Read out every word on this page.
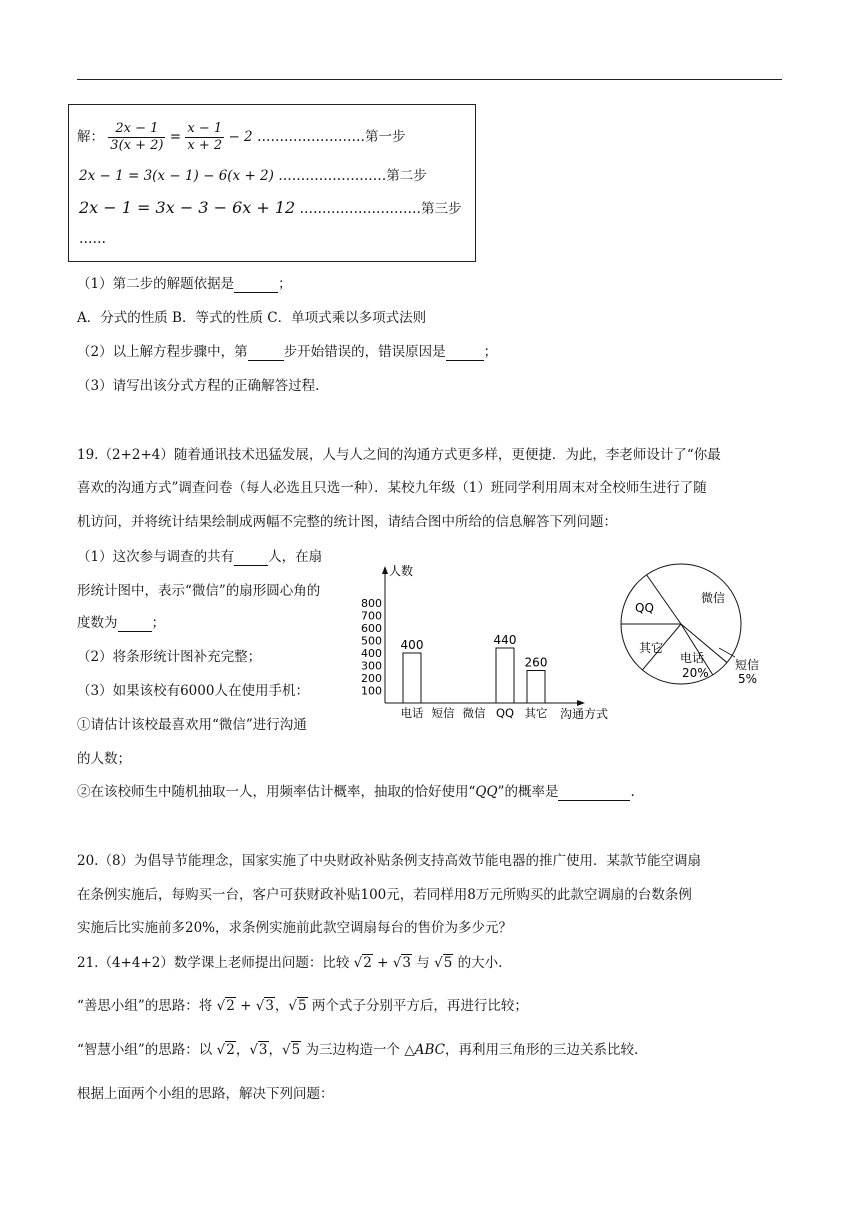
解： $\frac{2x - 1}{3(x + 2)} = \frac{x - 1}{x + 2} - 2$ ……………………第一步
2x − 1 = 3(x − 1) − 6(x + 2) ……………………第二步
2x − 1 = 3x − 3 − 6x + 12 ………………………第三步
……
（1）第二步的解题依据是	；
A．分式的性质 B．等式的性质 C．单项式乘以多项式法则
（2）以上解方程步骤中，第	步开始错误的，错误原因是	；
（3）请写出该分式方程的正确解答过程.
19.（2+2+4）随着通讯技术迅猛发展，人与人之间的沟通方式更多样，更便捷．为此，李老师设计了“你最
喜欢的沟通方式”调查问卷（每人必选且只选一种）．某校九年级（1）班同学利用周末对全校师生进行了随
机访问，并将统计结果绘制成两幅不完整的统计图，请结合图中所给的信息解答下列问题：
（1）这次参与调查的共有	人，在扇
形统计图中，表示“微信”的扇形圆心角的
度数为	；
（2）将条形统计图补充完整；
（3）如果该校有6000人在使用手机：
①请估计该校最喜欢用“微信”进行沟通
的人数；
②在该校师生中随机抽取一人，用频率估计概率，抽取的恰好使用“QQ”的概率是	.
人数
沟通方式
100
200
300
400
500
600
700
800
电话
400
短信 微信 QQ
440
其它
260
QQ
微信
其它
电话
20%
短信
5%
20.（8）为倡导节能理念，国家实施了中央财政补贴条例支持高效节能电器的推广使用．某款节能空调扇
在条例实施后，每购买一台，客户可获财政补贴100元，若同样用8万元所购买的此款空调扇的台数条例
实施后比实施前多20%，求条例实施前此款空调扇每台的售价为多少元？
21.（4+4+2）数学课上老师提出问题：比较 √2 + √3 与 √5 的大小.
“善思小组”的思路：将 √2 + √3，√5 两个式子分别平方后，再进行比较；
“智慧小组”的思路：以 √2，√3，√5 为三边构造一个 △ABC，再利用三角形的三边关系比较.
根据上面两个小组的思路，解决下列问题：
